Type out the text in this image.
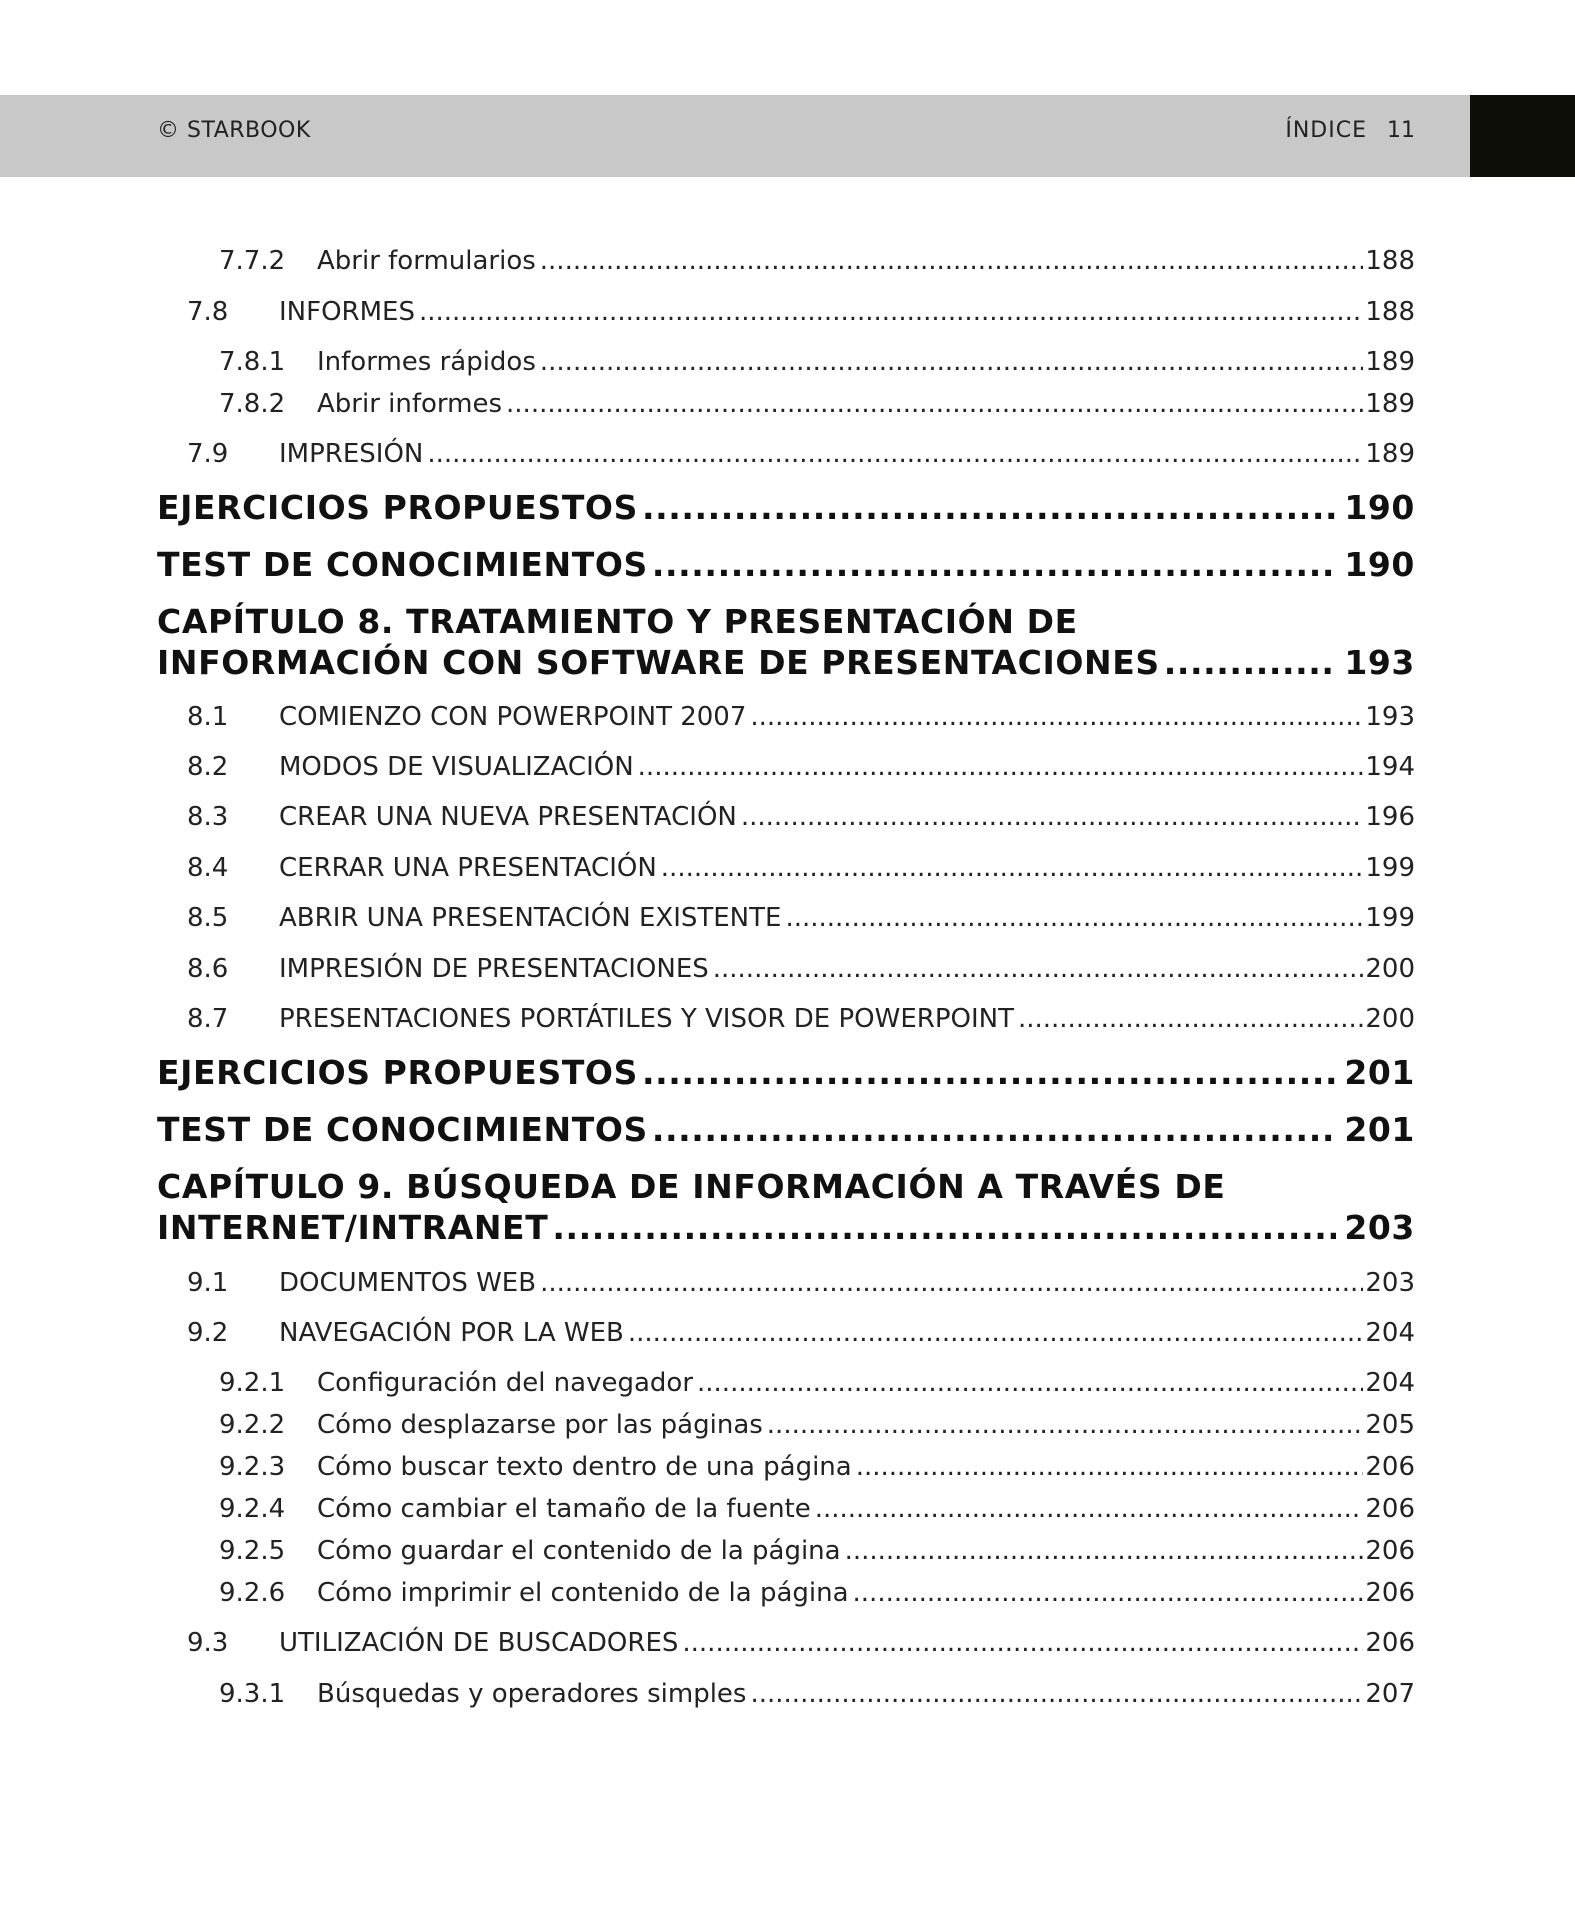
© STARBOOK	ÍNDICE 11
7.7.2	Abrir formularios .....	188
7.8	INFORMES .....	188
7.8.1	Informes rápidos .....	189
7.8.2	Abrir informes .....	189
7.9	IMPRESIÓN .....	189
EJERCICIOS PROPUESTOS .....	190
TEST DE CONOCIMIENTOS .....	190
CAPÍTULO 8. TRATAMIENTO Y PRESENTACIÓN DE
INFORMACIÓN CON SOFTWARE DE PRESENTACIONES .....	193
8.1	COMIENZO CON POWERPOINT 2007 .....	193
8.2	MODOS DE VISUALIZACIÓN .....	194
8.3	CREAR UNA NUEVA PRESENTACIÓN .....	196
8.4	CERRAR UNA PRESENTACIÓN .....	199
8.5	ABRIR UNA PRESENTACIÓN EXISTENTE .....	199
8.6	IMPRESIÓN DE PRESENTACIONES .....	200
8.7	PRESENTACIONES PORTÁTILES Y VISOR DE POWERPOINT .....	200
EJERCICIOS PROPUESTOS .....	201
TEST DE CONOCIMIENTOS .....	201
CAPÍTULO 9. BÚSQUEDA DE INFORMACIÓN A TRAVÉS DE
INTERNET/INTRANET .....	203
9.1	DOCUMENTOS WEB .....	203
9.2	NAVEGACIÓN POR LA WEB .....	204
9.2.1	Configuración del navegador .....	204
9.2.2	Cómo desplazarse por las páginas .....	205
9.2.3	Cómo buscar texto dentro de una página .....	206
9.2.4	Cómo cambiar el tamaño de la fuente .....	206
9.2.5	Cómo guardar el contenido de la página .....	206
9.2.6	Cómo imprimir el contenido de la página .....	206
9.3	UTILIZACIÓN DE BUSCADORES .....	206
9.3.1	Búsquedas y operadores simples .....	207
